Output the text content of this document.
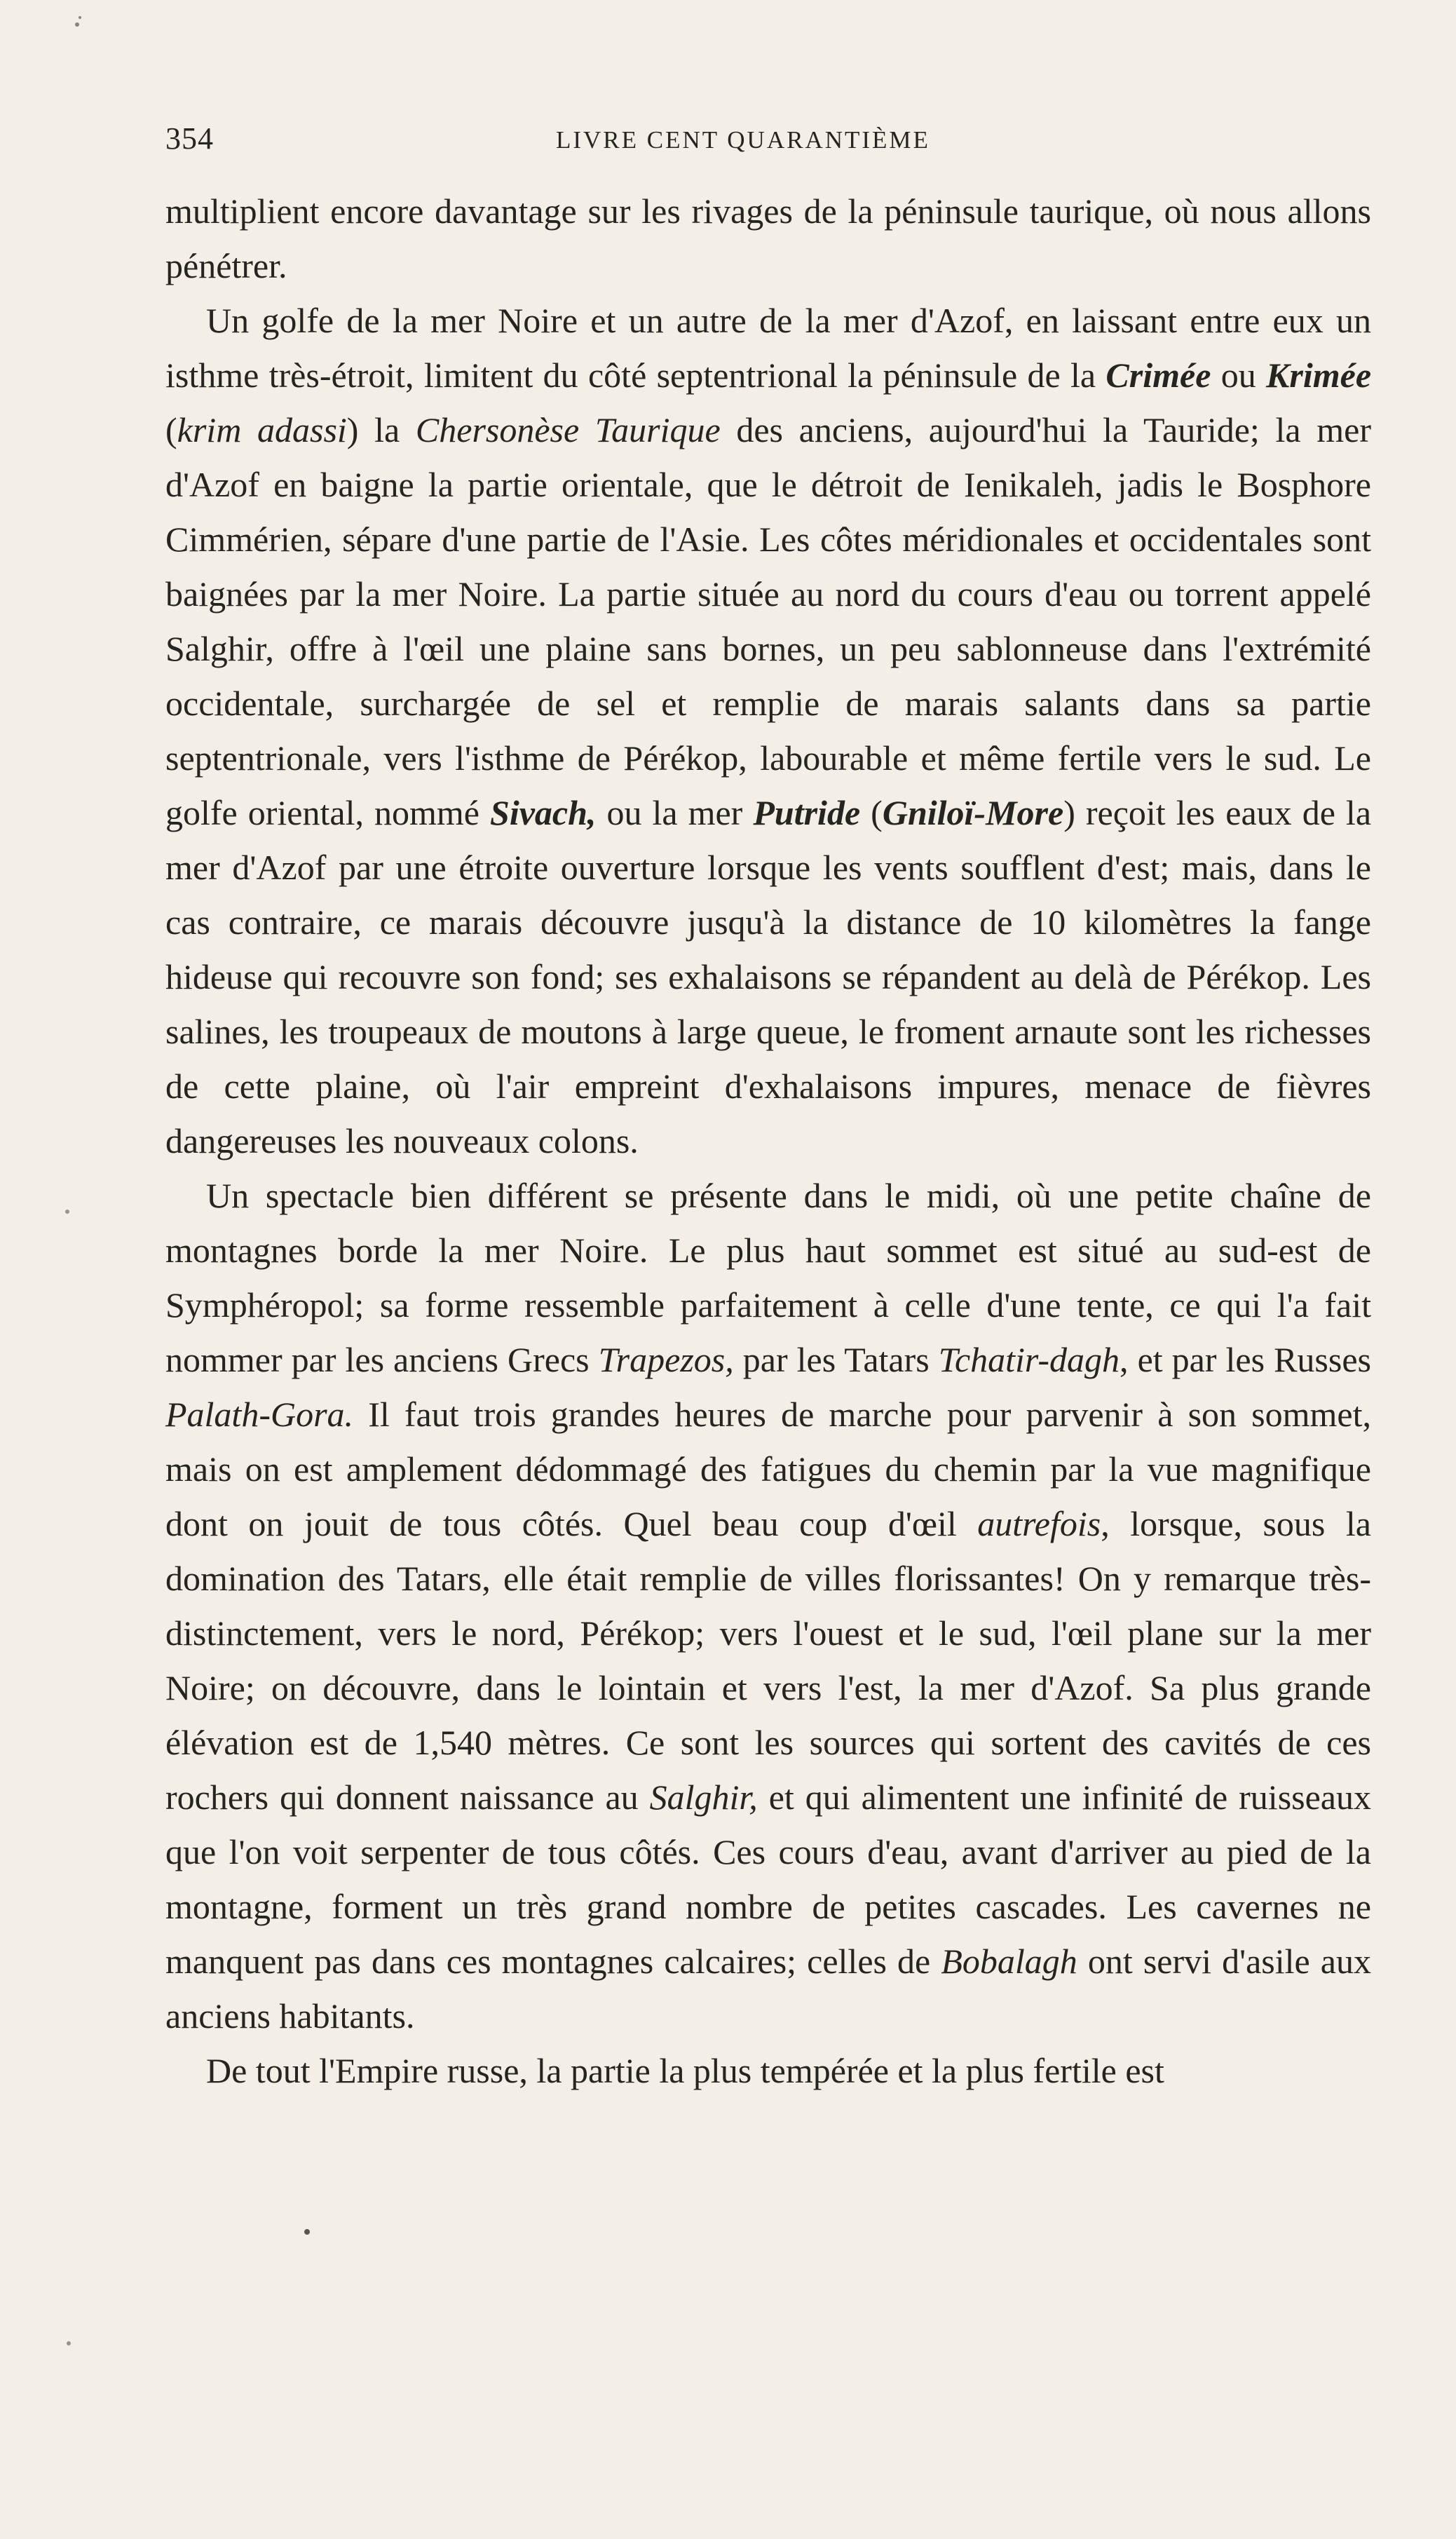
354	LIVRE CENT QUARANTIÈME

multiplient encore davantage sur les rivages de la péninsule taurique, où nous allons pénétrer.

Un golfe de la mer Noire et un autre de la mer d'Azof, en laissant entre eux un isthme très-étroit, limitent du côté septentrional la péninsule de la Crimée ou Krimée (krim adassi) la Chersonèse Taurique des anciens, aujourd'hui la Tauride; la mer d'Azof en baigne la partie orientale, que le détroit de Ienikaleh, jadis le Bosphore Cimmérien, sépare d'une partie de l'Asie. Les côtes méridionales et occidentales sont baignées par la mer Noire. La partie située au nord du cours d'eau ou torrent appelé Salghir, offre à l'œil une plaine sans bornes, un peu sablonneuse dans l'extrémité occidentale, surchargée de sel et remplie de marais salants dans sa partie septentrionale, vers l'isthme de Pérékop, labourable et même fertile vers le sud. Le golfe oriental, nommé Sivach, ou la mer Putride (Gniloï-More) reçoit les eaux de la mer d'Azof par une étroite ouverture lorsque les vents soufflent d'est; mais, dans le cas contraire, ce marais découvre jusqu'à la distance de 10 kilomètres la fange hideuse qui recouvre son fond; ses exhalaisons se répandent au delà de Pérékop. Les salines, les troupeaux de moutons à large queue, le froment arnaute sont les richesses de cette plaine, où l'air empreint d'exhalaisons impures, menace de fièvres dangereuses les nouveaux colons.

Un spectacle bien différent se présente dans le midi, où une petite chaîne de montagnes borde la mer Noire. Le plus haut sommet est situé au sud-est de Symphéropol; sa forme ressemble parfaitement à celle d'une tente, ce qui l'a fait nommer par les anciens Grecs Trapezos, par les Tatars Tchatir-dagh, et par les Russes Palath-Gora. Il faut trois grandes heures de marche pour parvenir à son sommet, mais on est amplement dédommagé des fatigues du chemin par la vue magnifique dont on jouit de tous côtés. Quel beau coup d'œil autrefois, lorsque, sous la domination des Tatars, elle était remplie de villes florissantes! On y remarque très-distinctement, vers le nord, Pérékop; vers l'ouest et le sud, l'œil plane sur la mer Noire; on découvre, dans le lointain et vers l'est, la mer d'Azof. Sa plus grande élévation est de 1,540 mètres. Ce sont les sources qui sortent des cavités de ces rochers qui donnent naissance au Salghir, et qui alimentent une infinité de ruisseaux que l'on voit serpenter de tous côtés. Ces cours d'eau, avant d'arriver au pied de la montagne, forment un très grand nombre de petites cascades. Les cavernes ne manquent pas dans ces montagnes calcaires; celles de Bobalagh ont servi d'asile aux anciens habitants.

De tout l'Empire russe, la partie la plus tempérée et la plus fertile est
